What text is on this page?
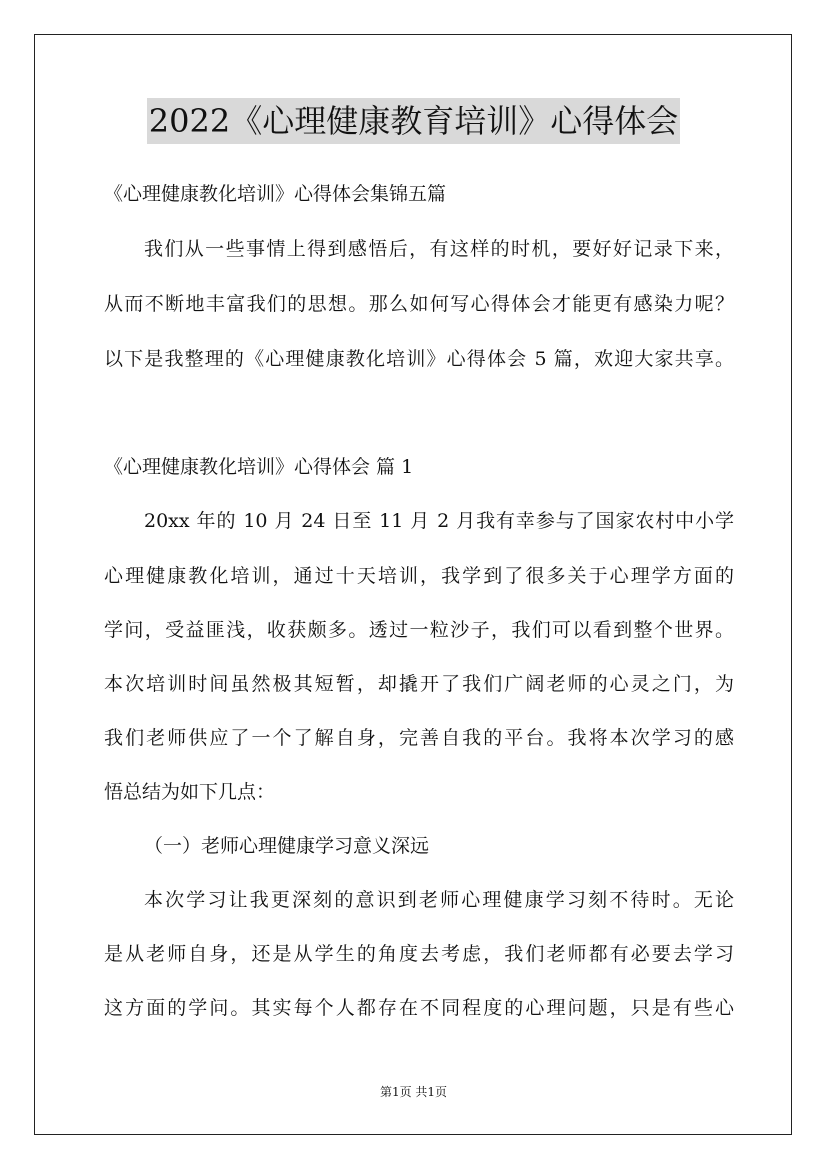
2022《心理健康教育培训》心得体会
《心理健康教化培训》心得体会集锦五篇
我们从一些事情上得到感悟后，有这样的时机，要好好记录下来，
从而不断地丰富我们的思想。那么如何写心得体会才能更有感染力呢？
以下是我整理的《心理健康教化培训》心得体会 5 篇，欢迎大家共享。
《心理健康教化培训》心得体会 篇 1
20xx 年的 10 月 24 日至 11 月 2 月我有幸参与了国家农村中小学
心理健康教化培训，通过十天培训，我学到了很多关于心理学方面的
学问，受益匪浅，收获颇多。透过一粒沙子，我们可以看到整个世界。
本次培训时间虽然极其短暂，却撬开了我们广阔老师的心灵之门，为
我们老师供应了一个了解自身，完善自我的平台。我将本次学习的感
悟总结为如下几点：
（一）老师心理健康学习意义深远
本次学习让我更深刻的意识到老师心理健康学习刻不待时。无论
是从老师自身，还是从学生的角度去考虑，我们老师都有必要去学习
这方面的学问。其实每个人都存在不同程度的心理问题，只是有些心
第1页 共1页
